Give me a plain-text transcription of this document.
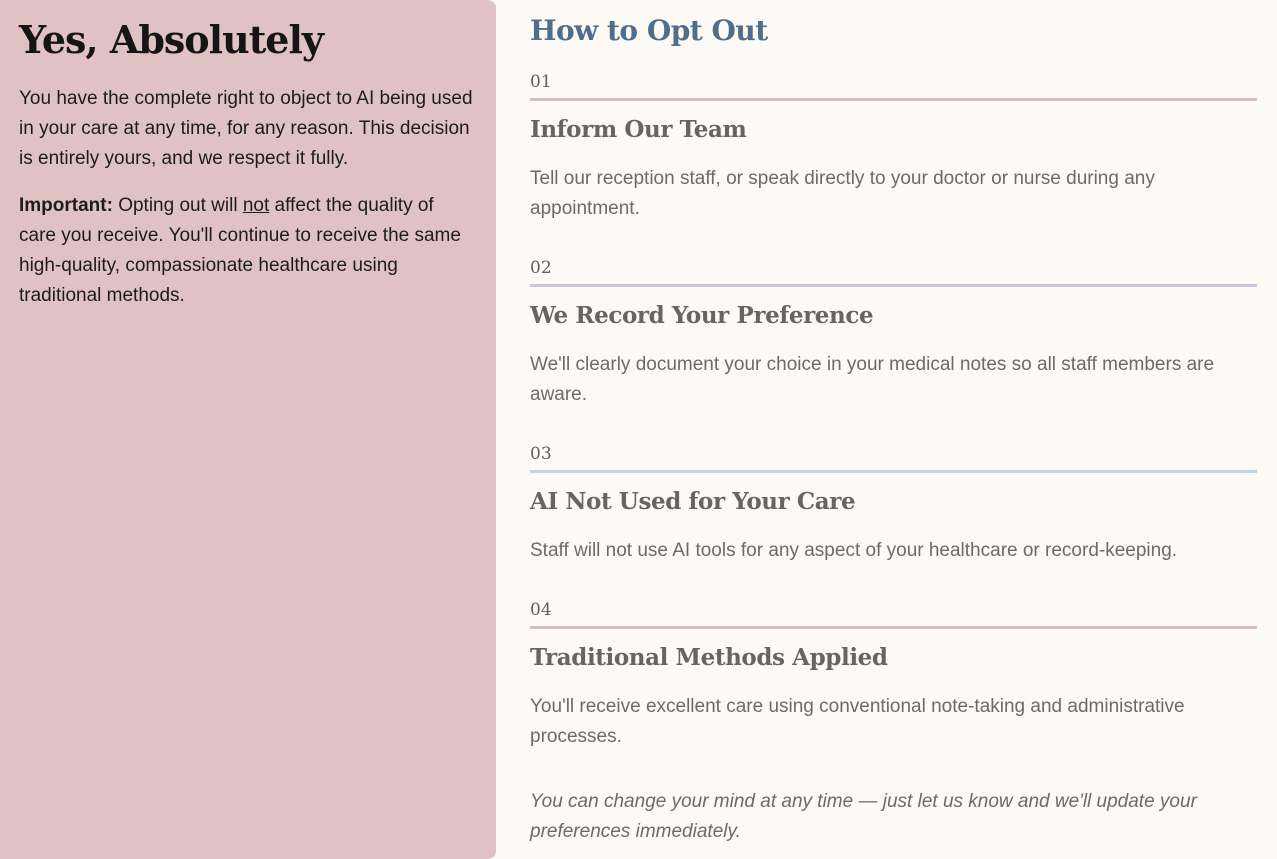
Yes, Absolutely

You have the complete right to object to AI being used in your care at any time, for any reason. This decision is entirely yours, and we respect it fully.

Important: Opting out will not affect the quality of care you receive. You'll continue to receive the same high-quality, compassionate healthcare using traditional methods.

How to Opt Out
01
Inform Our Team
Tell our reception staff, or speak directly to your doctor or nurse during any appointment.
02
We Record Your Preference
We'll clearly document your choice in your medical notes so all staff members are aware.
03
AI Not Used for Your Care
Staff will not use AI tools for any aspect of your healthcare or record-keeping.
04
Traditional Methods Applied
You'll receive excellent care using conventional note-taking and administrative processes.
You can change your mind at any time — just let us know and we'll update your preferences immediately.
